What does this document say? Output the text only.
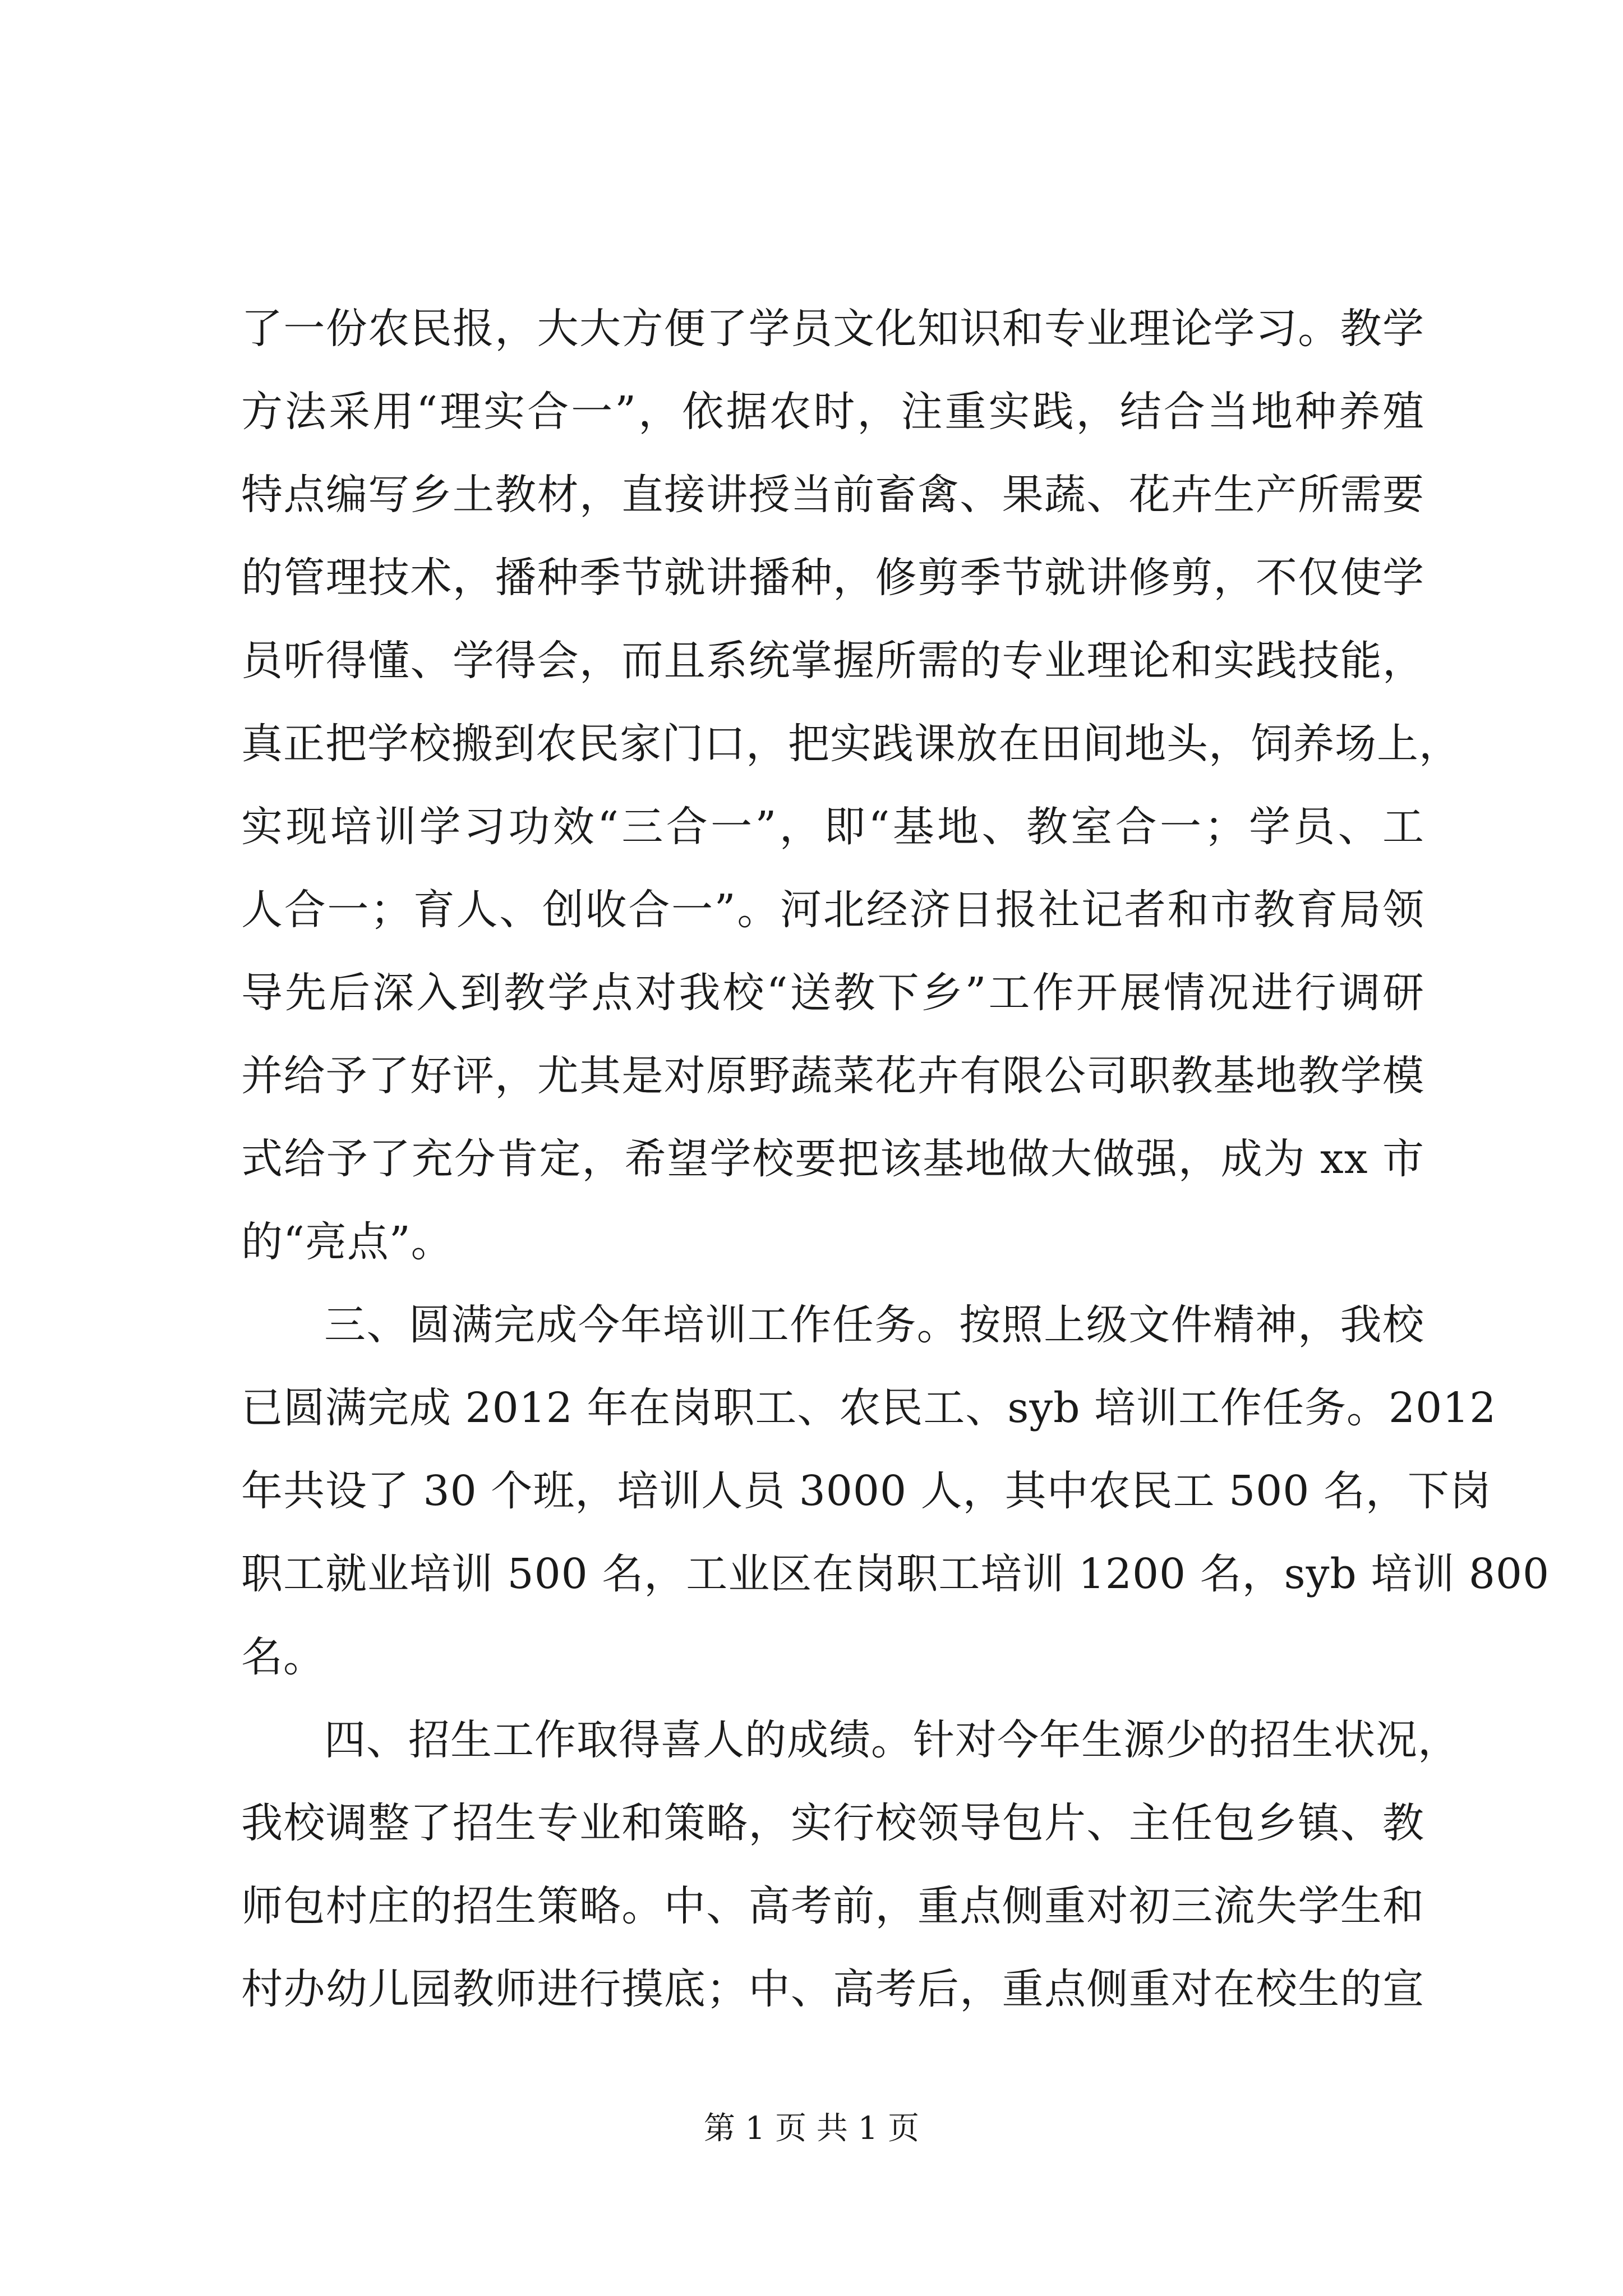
了一份农民报，大大方便了学员文化知识和专业理论学习。教学
方法采用“理实合一”，依据农时，注重实践，结合当地种养殖
特点编写乡土教材，直接讲授当前畜禽、果蔬、花卉生产所需要
的管理技术，播种季节就讲播种，修剪季节就讲修剪，不仅使学
员听得懂、学得会，而且系统掌握所需的专业理论和实践技能，
真正把学校搬到农民家门口，把实践课放在田间地头，饲养场上，
实现培训学习功效“三合一”，即“基地、教室合一；学员、工
人合一；育人、创收合一”。河北经济日报社记者和市教育局领
导先后深入到教学点对我校“送教下乡”工作开展情况进行调研
并给予了好评，尤其是对原野蔬菜花卉有限公司职教基地教学模
式给予了充分肯定，希望学校要把该基地做大做强，成为 xx 市
的“亮点”。
三、圆满完成今年培训工作任务。按照上级文件精神，我校
已圆满完成 2012 年在岗职工、农民工、syb 培训工作任务。2012
年共设了 30 个班，培训人员 3000 人，其中农民工 500 名，下岗
职工就业培训 500 名，工业区在岗职工培训 1200 名，syb 培训 800
名。
四、招生工作取得喜人的成绩。针对今年生源少的招生状况，
我校调整了招生专业和策略，实行校领导包片、主任包乡镇、教
师包村庄的招生策略。中、高考前，重点侧重对初三流失学生和
村办幼儿园教师进行摸底；中、高考后，重点侧重对在校生的宣
第 1 页 共 1 页
